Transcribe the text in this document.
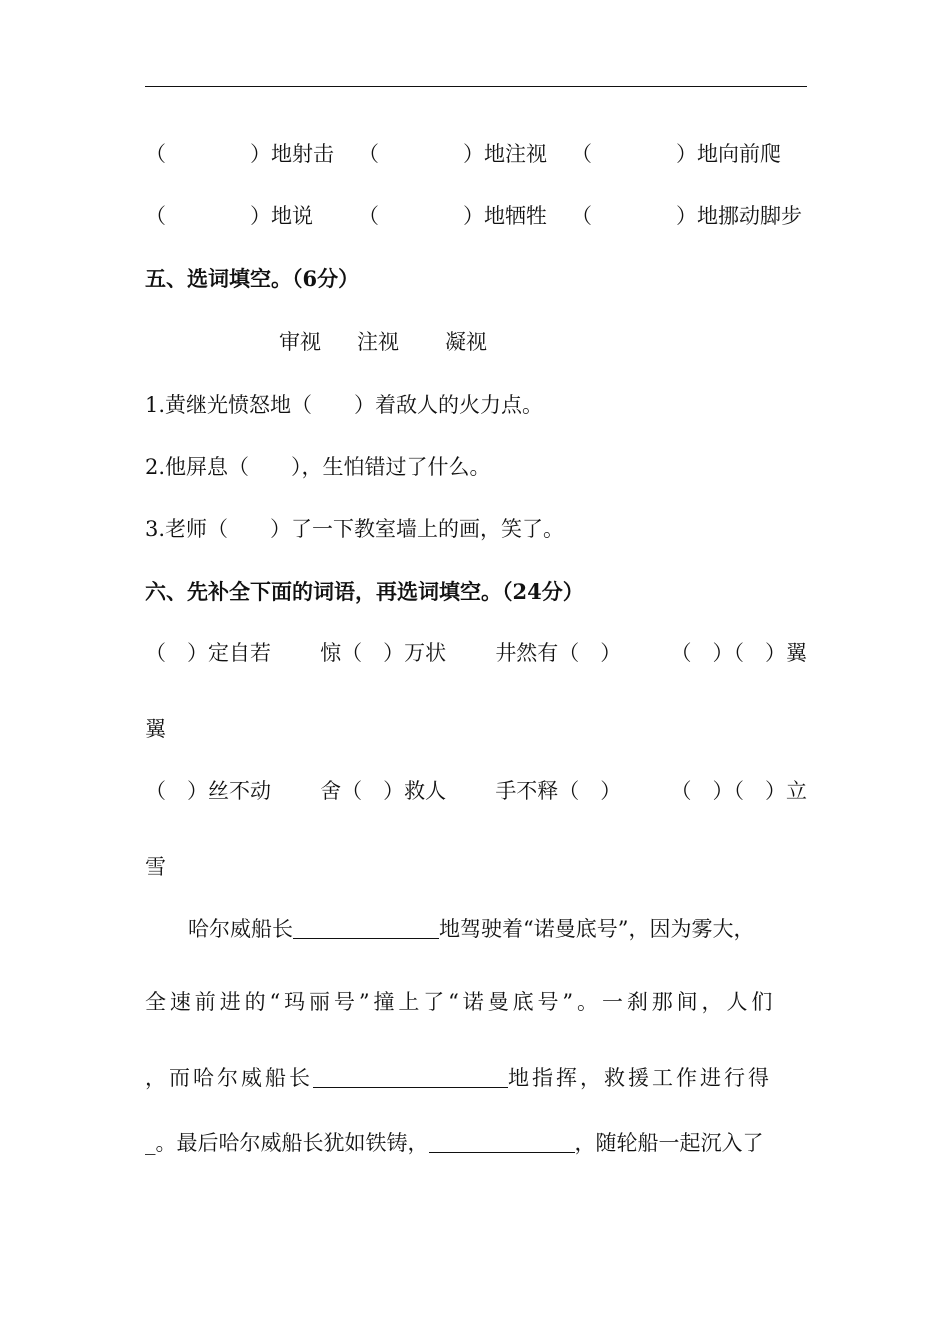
（　　　　）地射击 （　　　　）地注视 （　　　　）地向前爬
（　　　　）地说 （　　　　）地牺牲 （　　　　）地挪动脚步
五、选词填空。（6分）
审视 注视 凝视
1.黄继光愤怒地（　　）着敌人的火力点。
2.他屏息（　　），生怕错过了什么。
3.老师（　　）了一下教室墙上的画，笑了。
六、先补全下面的词语，再选词填空。（24分）
（　）定自若 惊（　）万状 井然有（　） （　）（　）翼
翼
（　）丝不动 舍（　）救人 手不释（　） （　）（　）立
雪
哈尔威船长	地驾驶着“诺曼底号”，因为雾大，
全速前进的“玛丽号”撞上了“诺曼底号”。一刹那间，人们
，而哈尔威船长	地指挥，救援工作进行得
_。最后哈尔威船长犹如铁铸，	，随轮船一起沉入了
